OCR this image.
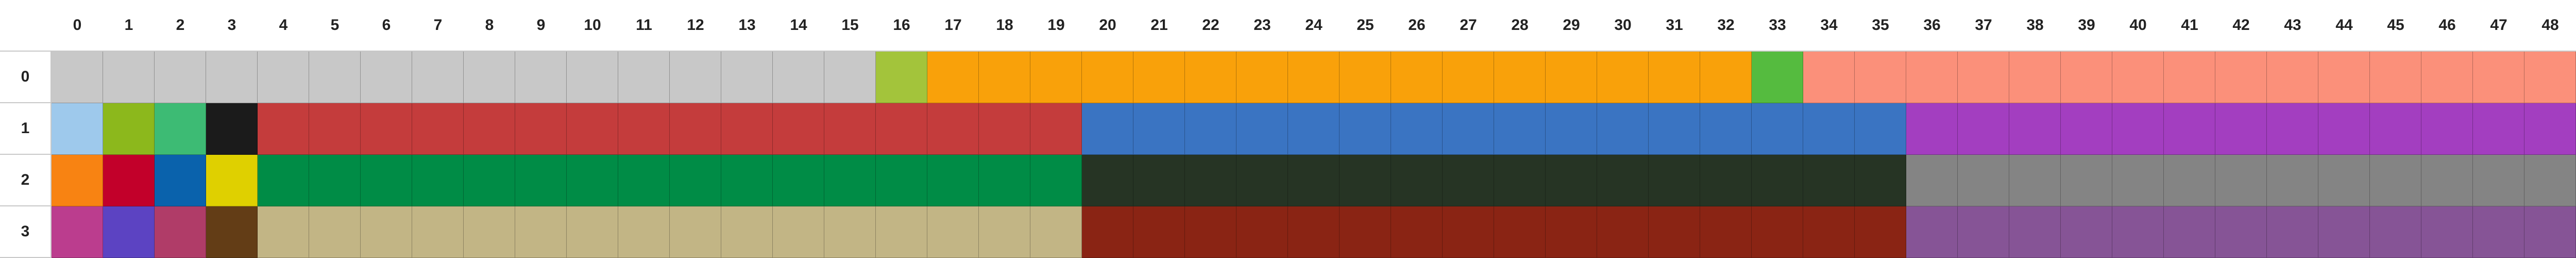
0	1	2	3	4	5	6	7	8	9	10	11	12	13	14	15	16	17	18	19	20	21	22	23	24	25	26	27	28	29	30	31	32	33	34	35	36	37	38	39	40	41	42	43	44	45	46	47	48
0
1
2
3
